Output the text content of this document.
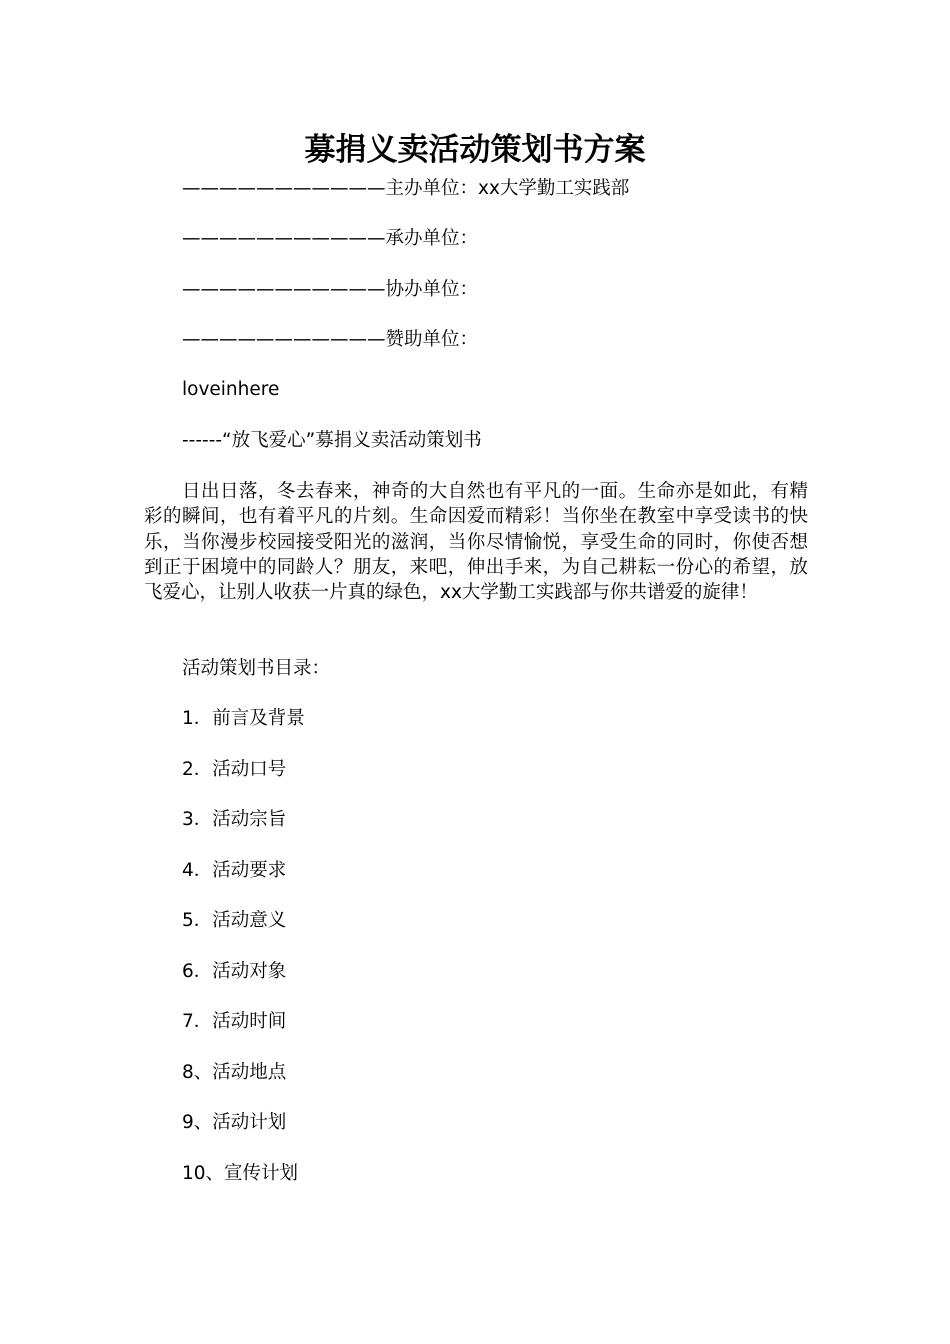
募捐义卖活动策划书方案

———————————主办单位：xx大学勤工实践部

———————————承办单位：

———————————协办单位：

———————————赞助单位：

loveinhere

------“放飞爱心”募捐义卖活动策划书

日出日落，冬去春来，神奇的大自然也有平凡的一面。生命亦是如此，有精彩的瞬间，也有着平凡的片刻。生命因爱而精彩！当你坐在教室中享受读书的快乐，当你漫步校园接受阳光的滋润，当你尽情愉悦，享受生命的同时，你使否想到正于困境中的同龄人？朋友，来吧，伸出手来，为自己耕耘一份心的希望，放飞爱心，让别人收获一片真的绿色，xx大学勤工实践部与你共谱爱的旋律！

活动策划书目录：

1．前言及背景

2．活动口号

3．活动宗旨

4．活动要求

5．活动意义

6．活动对象

7．活动时间

8、活动地点

9、活动计划

10、宣传计划
